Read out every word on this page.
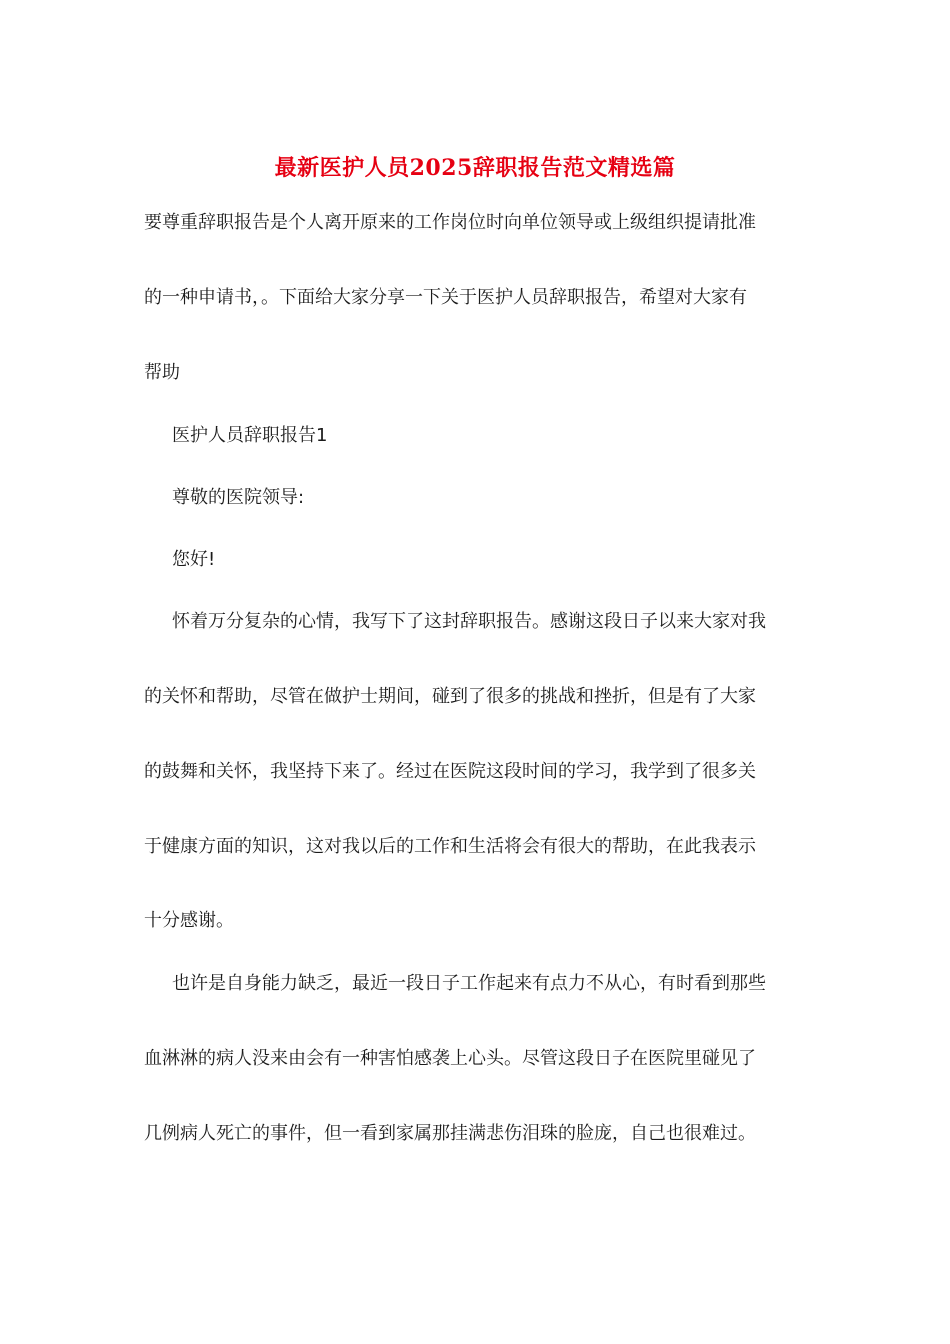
最新医护人员2025辞职报告范文精选篇
要尊重辞职报告是个人离开原来的工作岗位时向单位领导或上级组织提请批准
的一种申请书，。下面给大家分享一下关于医护人员辞职报告，希望对大家有
帮助
医护人员辞职报告1
尊敬的医院领导:
您好!
怀着万分复杂的心情，我写下了这封辞职报告。感谢这段日子以来大家对我
的关怀和帮助，尽管在做护士期间，碰到了很多的挑战和挫折，但是有了大家
的鼓舞和关怀，我坚持下来了。经过在医院这段时间的学习，我学到了很多关
于健康方面的知识，这对我以后的工作和生活将会有很大的帮助，在此我表示
十分感谢。
也许是自身能力缺乏，最近一段日子工作起来有点力不从心，有时看到那些
血淋淋的病人没来由会有一种害怕感袭上心头。尽管这段日子在医院里碰见了
几例病人死亡的事件，但一看到家属那挂满悲伤泪珠的脸庞，自己也很难过。
